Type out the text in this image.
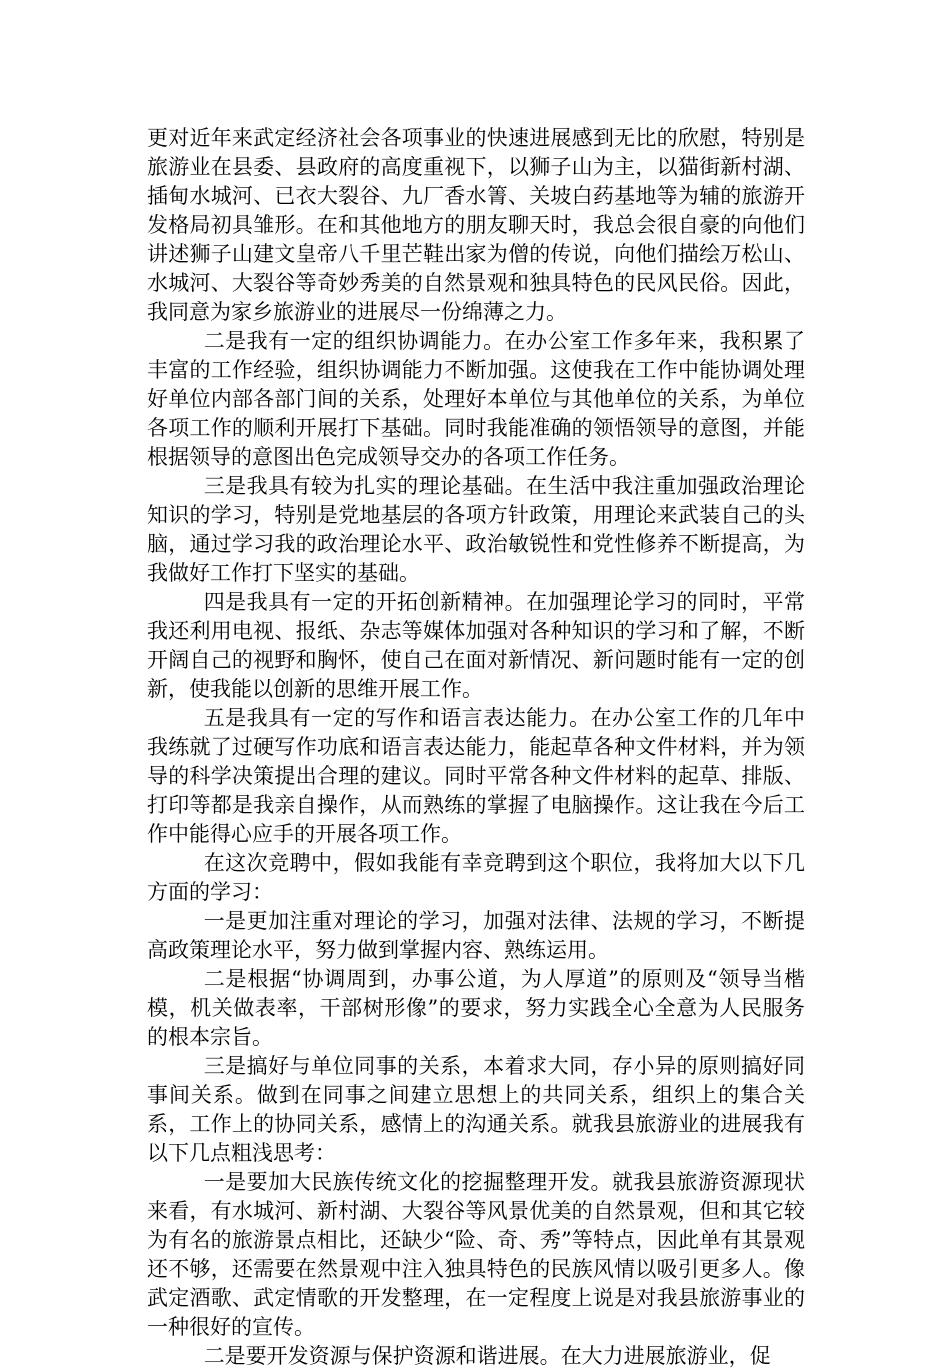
更对近年来武定经济社会各项事业的快速进展感到无比的欣慰，特别是旅游业在县委、县政府的高度重视下，以狮子山为主，以猫街新村湖、插甸水城河、已衣大裂谷、九厂香水箐、关坡白药基地等为辅的旅游开发格局初具雏形。在和其他地方的朋友聊天时，我总会很自豪的向他们讲述狮子山建文皇帝八千里芒鞋出家为僧的传说，向他们描绘万松山、水城河、大裂谷等奇妙秀美的自然景观和独具特色的民风民俗。因此，我同意为家乡旅游业的进展尽一份绵薄之力。

二是我有一定的组织协调能力。在办公室工作多年来，我积累了丰富的工作经验，组织协调能力不断加强。这使我在工作中能协调处理好单位内部各部门间的关系，处理好本单位与其他单位的关系，为单位各项工作的顺利开展打下基础。同时我能准确的领悟领导的意图，并能根据领导的意图出色完成领导交办的各项工作任务。

三是我具有较为扎实的理论基础。在生活中我注重加强政治理论知识的学习，特别是党地基层的各项方针政策，用理论来武装自己的头脑，通过学习我的政治理论水平、政治敏锐性和党性修养不断提高，为我做好工作打下坚实的基础。

四是我具有一定的开拓创新精神。在加强理论学习的同时，平常我还利用电视、报纸、杂志等媒体加强对各种知识的学习和了解，不断开阔自己的视野和胸怀，使自己在面对新情况、新问题时能有一定的创新，使我能以创新的思维开展工作。

五是我具有一定的写作和语言表达能力。在办公室工作的几年中我练就了过硬写作功底和语言表达能力，能起草各种文件材料，并为领导的科学决策提出合理的建议。同时平常各种文件材料的起草、排版、打印等都是我亲自操作，从而熟练的掌握了电脑操作。这让我在今后工作中能得心应手的开展各项工作。

在这次竞聘中，假如我能有幸竞聘到这个职位，我将加大以下几方面的学习：

一是更加注重对理论的学习，加强对法律、法规的学习，不断提高政策理论水平，努力做到掌握内容、熟练运用。

二是根据“协调周到，办事公道，为人厚道”的原则及“领导当楷模，机关做表率，干部树形像”的要求，努力实践全心全意为人民服务的根本宗旨。

三是搞好与单位同事的关系，本着求大同，存小异的原则搞好同事间关系。做到在同事之间建立思想上的共同关系，组织上的集合关系，工作上的协同关系，感情上的沟通关系。就我县旅游业的进展我有以下几点粗浅思考：

一是要加大民族传统文化的挖掘整理开发。就我县旅游资源现状来看，有水城河、新村湖、大裂谷等风景优美的自然景观，但和其它较为有名的旅游景点相比，还缺少“险、奇、秀”等特点，因此单有其景观还不够，还需要在然景观中注入独具特色的民族风情以吸引更多人。像武定酒歌、武定情歌的开发整理，在一定程度上说是对我县旅游事业的一种很好的宣传。

二是要开发资源与保护资源和谐进展。在大力进展旅游业，促
